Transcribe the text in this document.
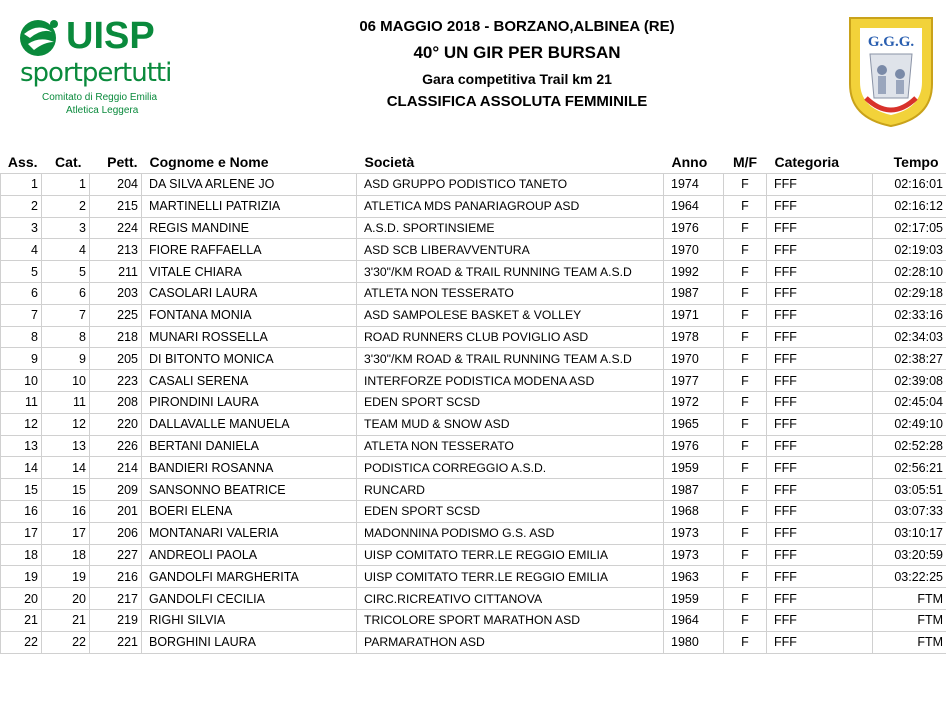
UISP
sportpertutti
Comitato di Reggio Emilia
Atletica Leggera
06 MAGGIO 2018 - BORZANO,ALBINEA (RE)
40° UN GIR PER BURSAN
Gara competitiva Trail km 21
CLASSIFICA ASSOLUTA FEMMINILE
G.G.G.
Ass.	Cat.	Pett.	Cognome e Nome	Società	Anno	M/F	Categoria	Tempo
1	1	204	DA SILVA ARLENE JO	ASD GRUPPO PODISTICO TANETO	1974	F	FFF	02:16:01
2	2	215	MARTINELLI PATRIZIA	ATLETICA MDS PANARIAGROUP ASD	1964	F	FFF	02:16:12
3	3	224	REGIS MANDINE	A.S.D. SPORTINSIEME	1976	F	FFF	02:17:05
4	4	213	FIORE RAFFAELLA	ASD SCB LIBERAVVENTURA	1970	F	FFF	02:19:03
5	5	211	VITALE CHIARA	3'30"/KM ROAD & TRAIL RUNNING TEAM A.S.D	1992	F	FFF	02:28:10
6	6	203	CASOLARI LAURA	ATLETA NON TESSERATO	1987	F	FFF	02:29:18
7	7	225	FONTANA MONIA	ASD SAMPOLESE BASKET & VOLLEY	1971	F	FFF	02:33:16
8	8	218	MUNARI ROSSELLA	ROAD RUNNERS CLUB POVIGLIO ASD	1978	F	FFF	02:34:03
9	9	205	DI BITONTO MONICA	3'30"/KM ROAD & TRAIL RUNNING TEAM A.S.D	1970	F	FFF	02:38:27
10	10	223	CASALI SERENA	INTERFORZE PODISTICA MODENA ASD	1977	F	FFF	02:39:08
11	11	208	PIRONDINI LAURA	EDEN SPORT SCSD	1972	F	FFF	02:45:04
12	12	220	DALLAVALLE MANUELA	TEAM MUD & SNOW ASD	1965	F	FFF	02:49:10
13	13	226	BERTANI DANIELA	ATLETA NON TESSERATO	1976	F	FFF	02:52:28
14	14	214	BANDIERI ROSANNA	PODISTICA CORREGGIO A.S.D.	1959	F	FFF	02:56:21
15	15	209	SANSONNO BEATRICE	RUNCARD	1987	F	FFF	03:05:51
16	16	201	BOERI ELENA	EDEN SPORT SCSD	1968	F	FFF	03:07:33
17	17	206	MONTANARI VALERIA	MADONNINA PODISMO G.S. ASD	1973	F	FFF	03:10:17
18	18	227	ANDREOLI PAOLA	UISP COMITATO TERR.LE REGGIO EMILIA	1973	F	FFF	03:20:59
19	19	216	GANDOLFI MARGHERITA	UISP COMITATO TERR.LE REGGIO EMILIA	1963	F	FFF	03:22:25
20	20	217	GANDOLFI CECILIA	CIRC.RICREATIVO CITTANOVA	1959	F	FFF	FTM
21	21	219	RIGHI SILVIA	TRICOLORE SPORT MARATHON ASD	1964	F	FFF	FTM
22	22	221	BORGHINI LAURA	PARMARATHON ASD	1980	F	FFF	FTM
